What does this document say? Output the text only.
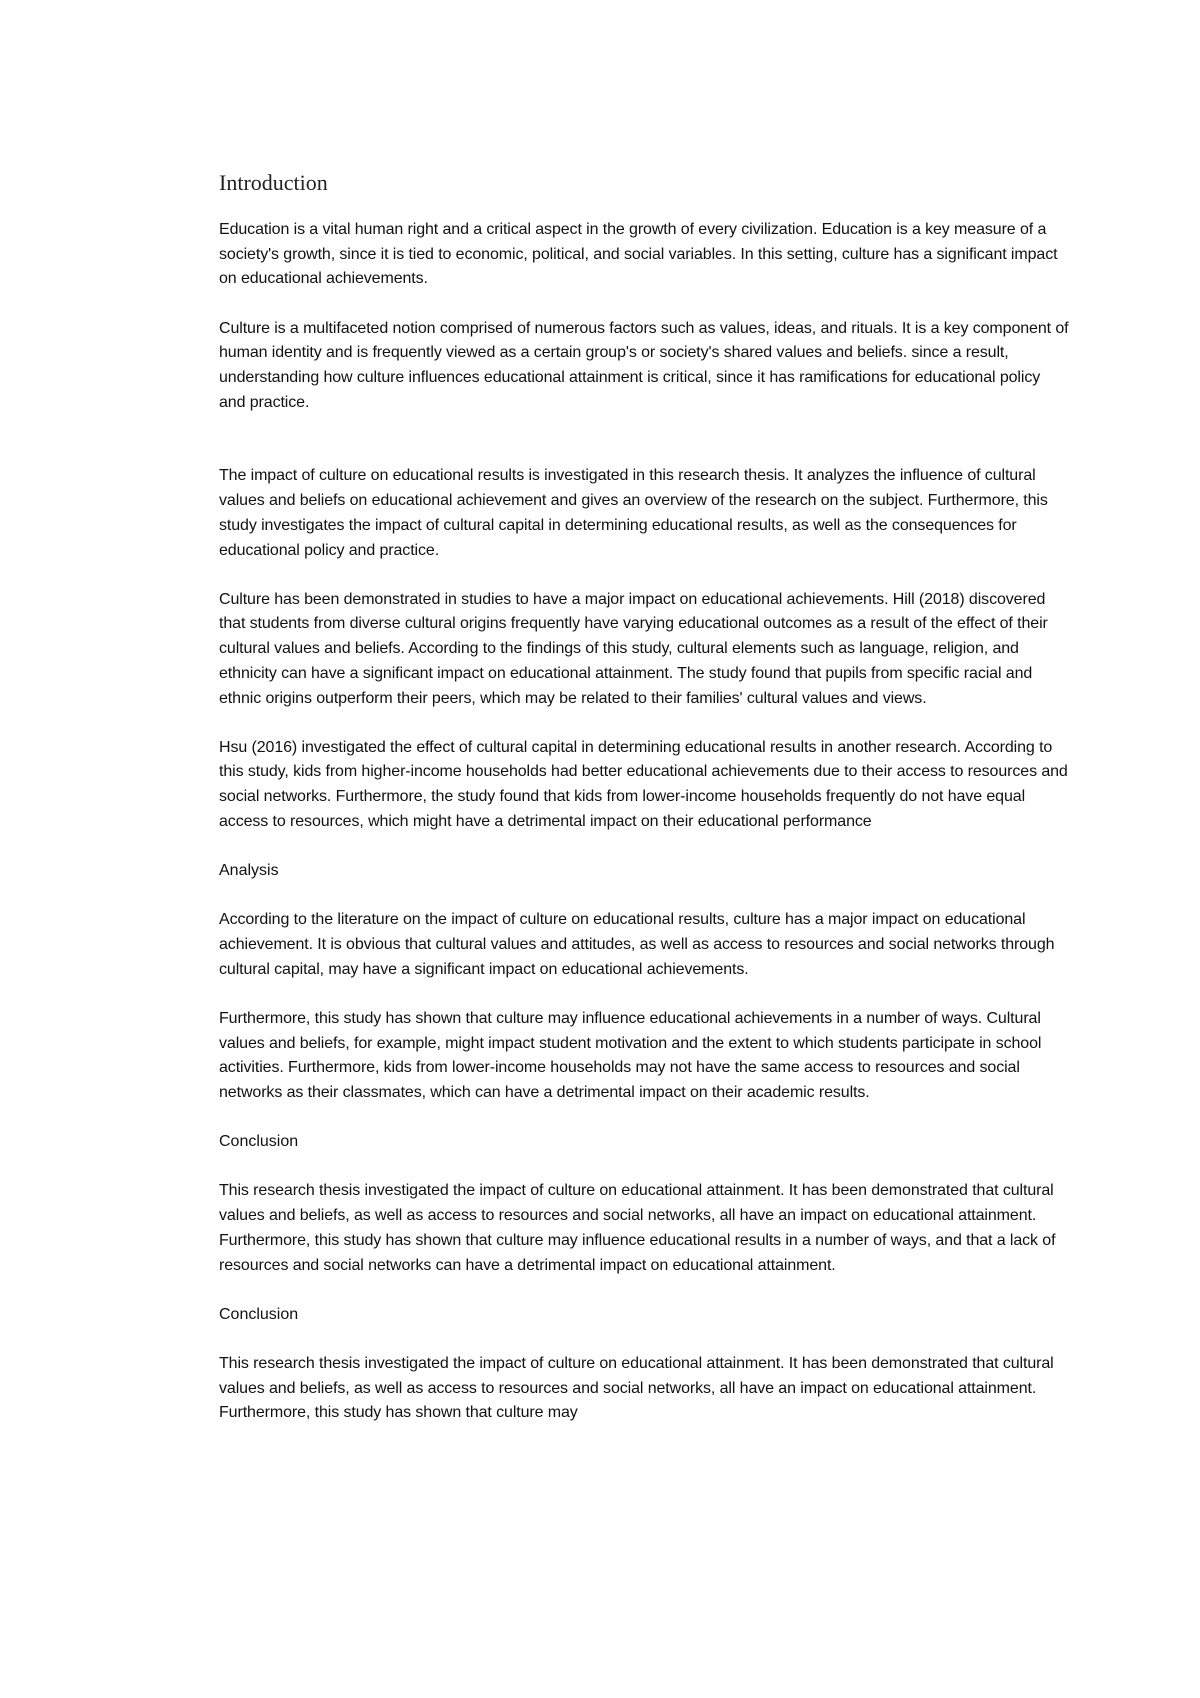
Introduction

Education is a vital human right and a critical aspect in the growth of every civilization. Education is a key measure of a society's growth, since it is tied to economic, political, and social variables. In this setting, culture has a significant impact on educational achievements.

Culture is a multifaceted notion comprised of numerous factors such as values, ideas, and rituals. It is a key component of human identity and is frequently viewed as a certain group's or society's shared values and beliefs. since a result, understanding how culture influences educational attainment is critical, since it has ramifications for educational policy and practice.

The impact of culture on educational results is investigated in this research thesis. It analyzes the influence of cultural values and beliefs on educational achievement and gives an overview of the research on the subject. Furthermore, this study investigates the impact of cultural capital in determining educational results, as well as the consequences for educational policy and practice.

Culture has been demonstrated in studies to have a major impact on educational achievements. Hill (2018) discovered that students from diverse cultural origins frequently have varying educational outcomes as a result of the effect of their cultural values and beliefs. According to the findings of this study, cultural elements such as language, religion, and ethnicity can have a significant impact on educational attainment. The study found that pupils from specific racial and ethnic origins outperform their peers, which may be related to their families' cultural values and views.

Hsu (2016) investigated the effect of cultural capital in determining educational results in another research. According to this study, kids from higher-income households had better educational achievements due to their access to resources and social networks. Furthermore, the study found that kids from lower-income households frequently do not have equal access to resources, which might have a detrimental impact on their educational performance

Analysis

According to the literature on the impact of culture on educational results, culture has a major impact on educational achievement. It is obvious that cultural values and attitudes, as well as access to resources and social networks through cultural capital, may have a significant impact on educational achievements.

Furthermore, this study has shown that culture may influence educational achievements in a number of ways. Cultural values and beliefs, for example, might impact student motivation and the extent to which students participate in school activities. Furthermore, kids from lower-income households may not have the same access to resources and social networks as their classmates, which can have a detrimental impact on their academic results.

Conclusion

This research thesis investigated the impact of culture on educational attainment. It has been demonstrated that cultural values and beliefs, as well as access to resources and social networks, all have an impact on educational attainment. Furthermore, this study has shown that culture may influence educational results in a number of ways, and that a lack of resources and social networks can have a detrimental impact on educational attainment.

Conclusion

This research thesis investigated the impact of culture on educational attainment. It has been demonstrated that cultural values and beliefs, as well as access to resources and social networks, all have an impact on educational attainment. Furthermore, this study has shown that culture may
